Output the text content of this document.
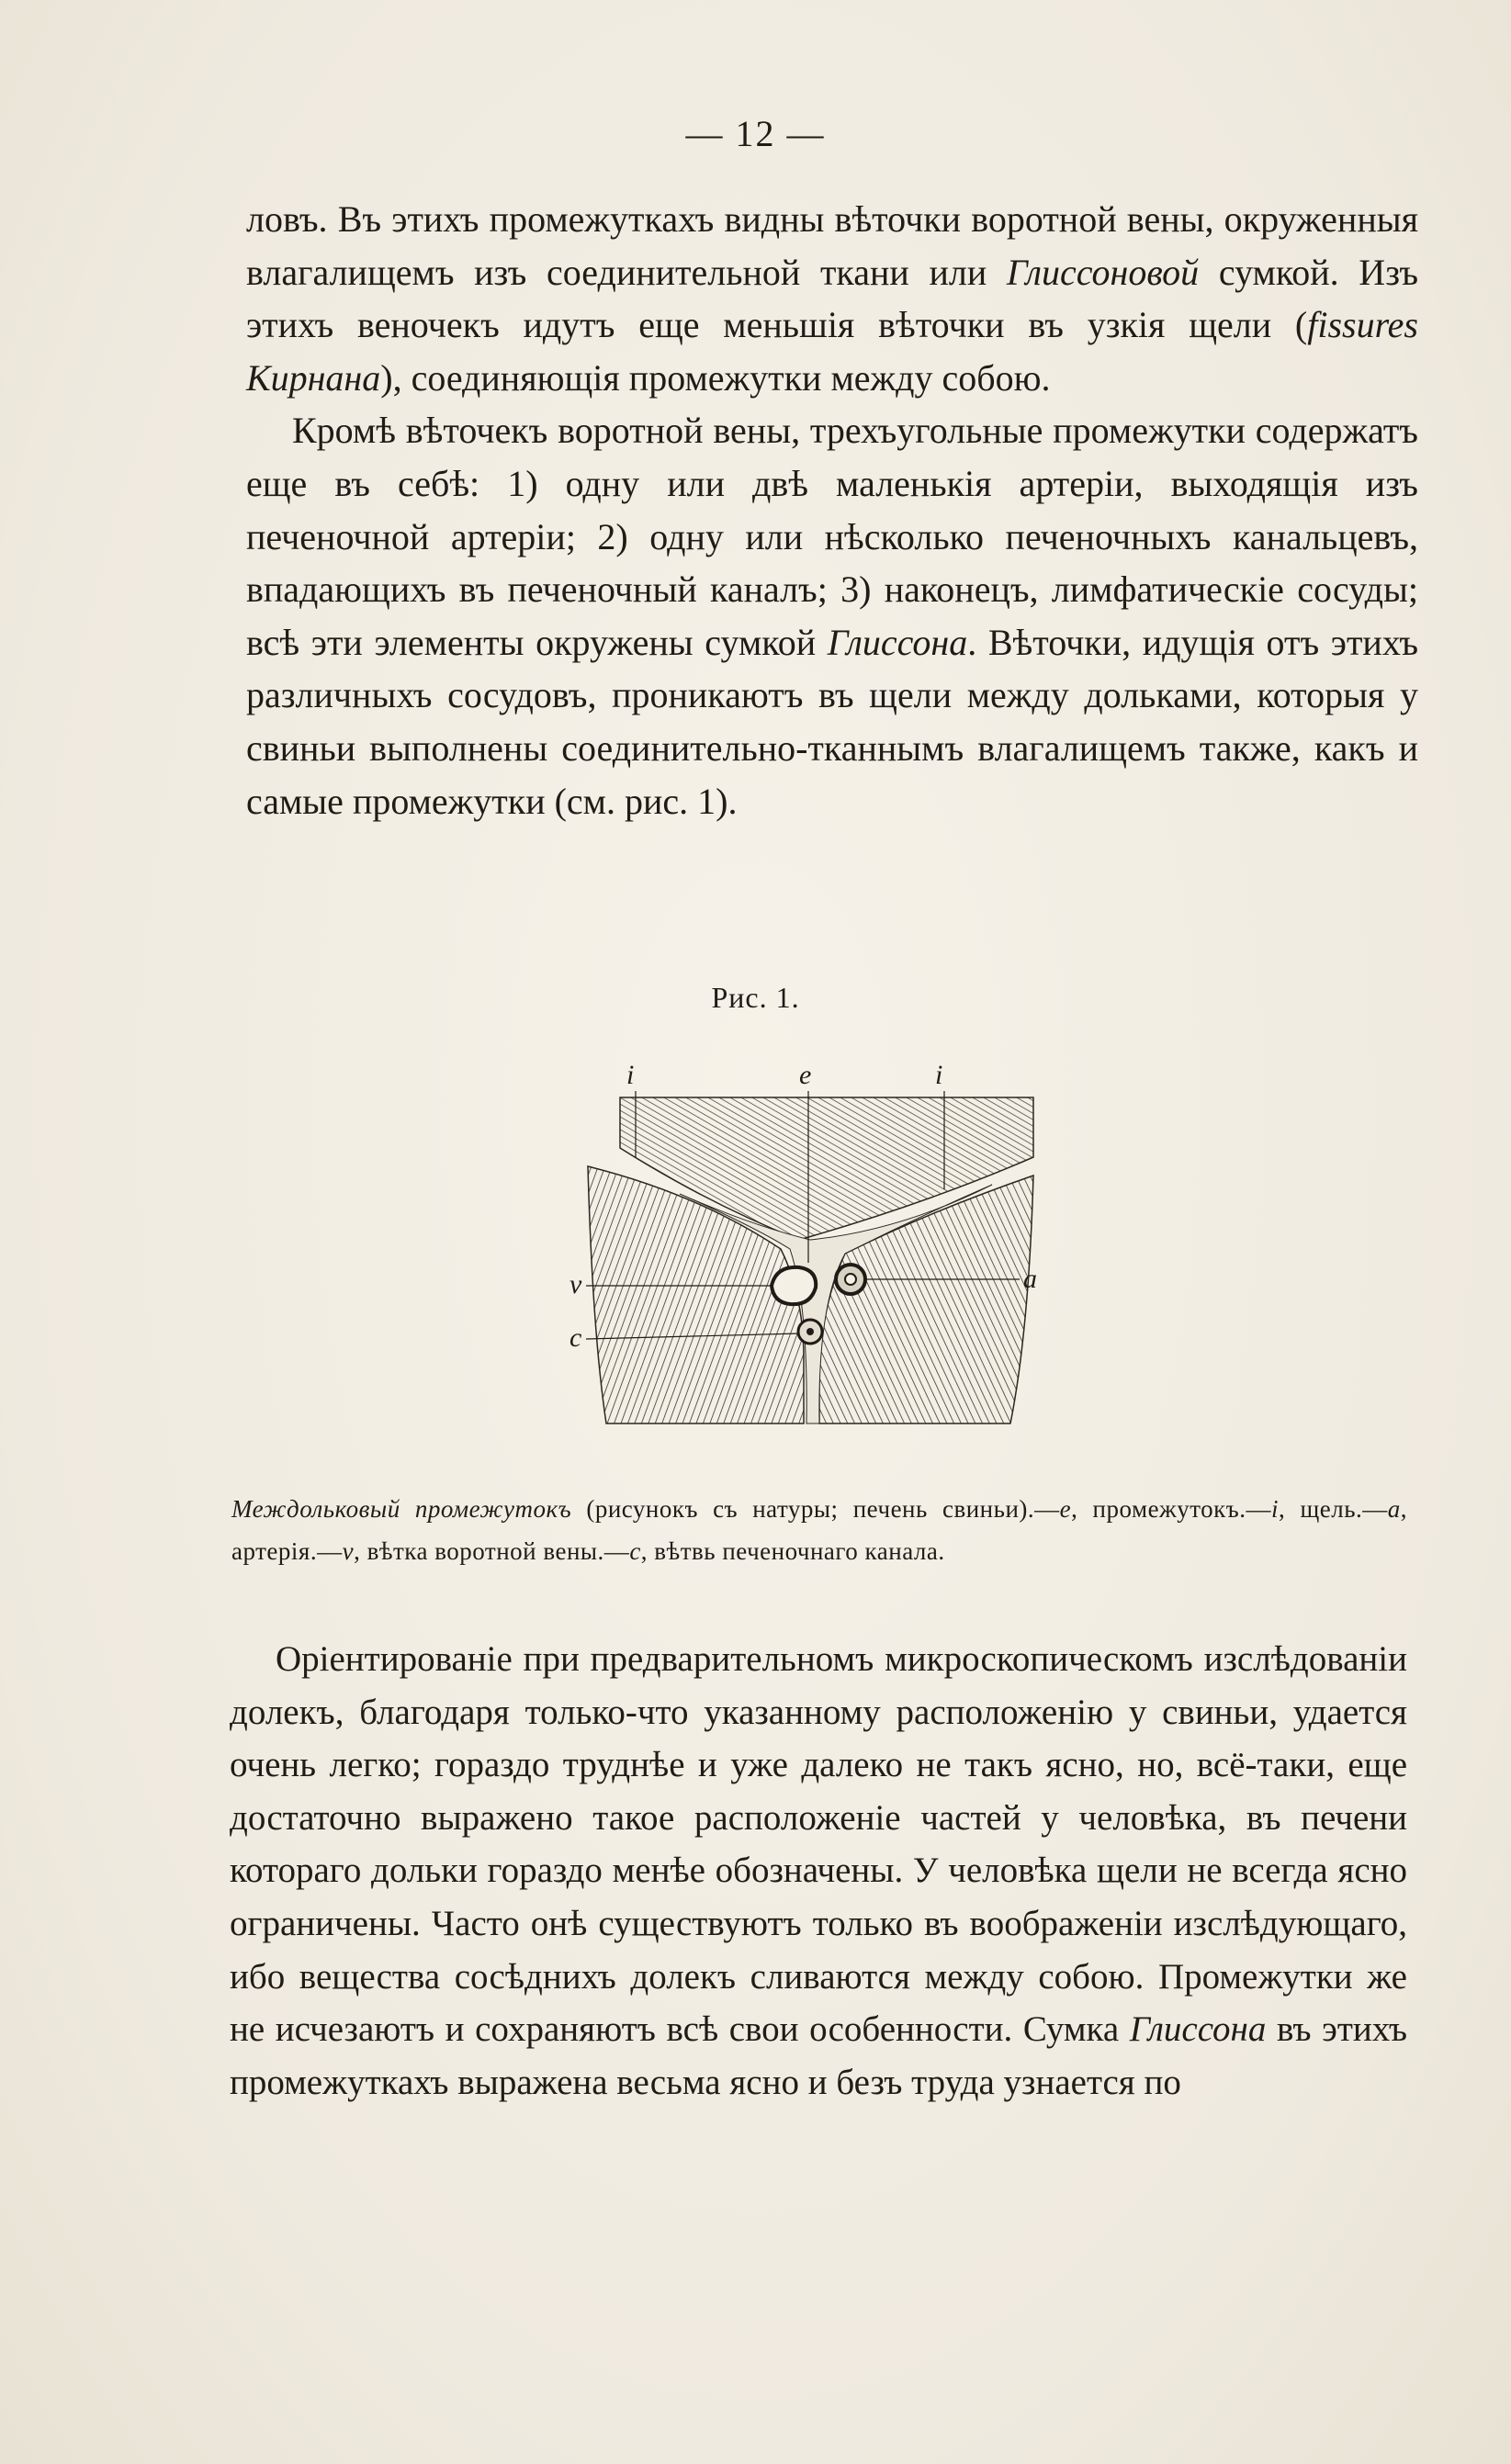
— 12 —

ловъ. Въ этихъ промежуткахъ видны вѣточки воротной вены, окруженныя влагалищемъ изъ соединительной ткани или Глиссоновой сумкой. Изъ этихъ веночекъ идутъ еще меньшія вѣточки въ узкія щели (fissures Кирнана), соединяющія промежутки между собою.

Кромѣ вѣточекъ воротной вены, трехъугольные промежутки содержатъ еще въ себѣ: 1) одну или двѣ маленькія артеріи, выходящія изъ печеночной артеріи; 2) одну или нѣсколько печеночныхъ канальцевъ, впадающихъ въ печеночный каналъ; 3) наконецъ, лимфатическіе сосуды; всѣ эти элементы окружены сумкой Глиссона. Вѣточки, идущія отъ этихъ различныхъ сосудовъ, проникаютъ въ щели между дольками, которыя у свиньи выполнены соединительно-тканнымъ влагалищемъ также, какъ и самые промежутки (см. рис. 1).

Рис. 1.
i	e	i
v	a
c
Междольковый промежутокъ (рисунокъ съ натуры; печень свиньи).—e, промежутокъ.—i, щель.—a, артерія.—v, вѣтка воротной вены.—c, вѣтвь печеночнаго канала.

Оріентированіе при предварительномъ микроскопическомъ изслѣдованіи долекъ, благодаря только-что указанному расположенію у свиньи, удается очень легко; гораздо труднѣе и уже далеко не такъ ясно, но, всё-таки, еще достаточно выражено такое расположеніе частей у человѣка, въ печени котораго дольки гораздо менѣе обозначены. У человѣка щели не всегда ясно ограничены. Часто онѣ существуютъ только въ воображеніи изслѣдующаго, ибо вещества сосѣднихъ долекъ сливаются между собою. Промежутки же не исчезаютъ и сохраняютъ всѣ свои особенности. Сумка Глиссона въ этихъ промежуткахъ выражена весьма ясно и безъ труда узнается по
